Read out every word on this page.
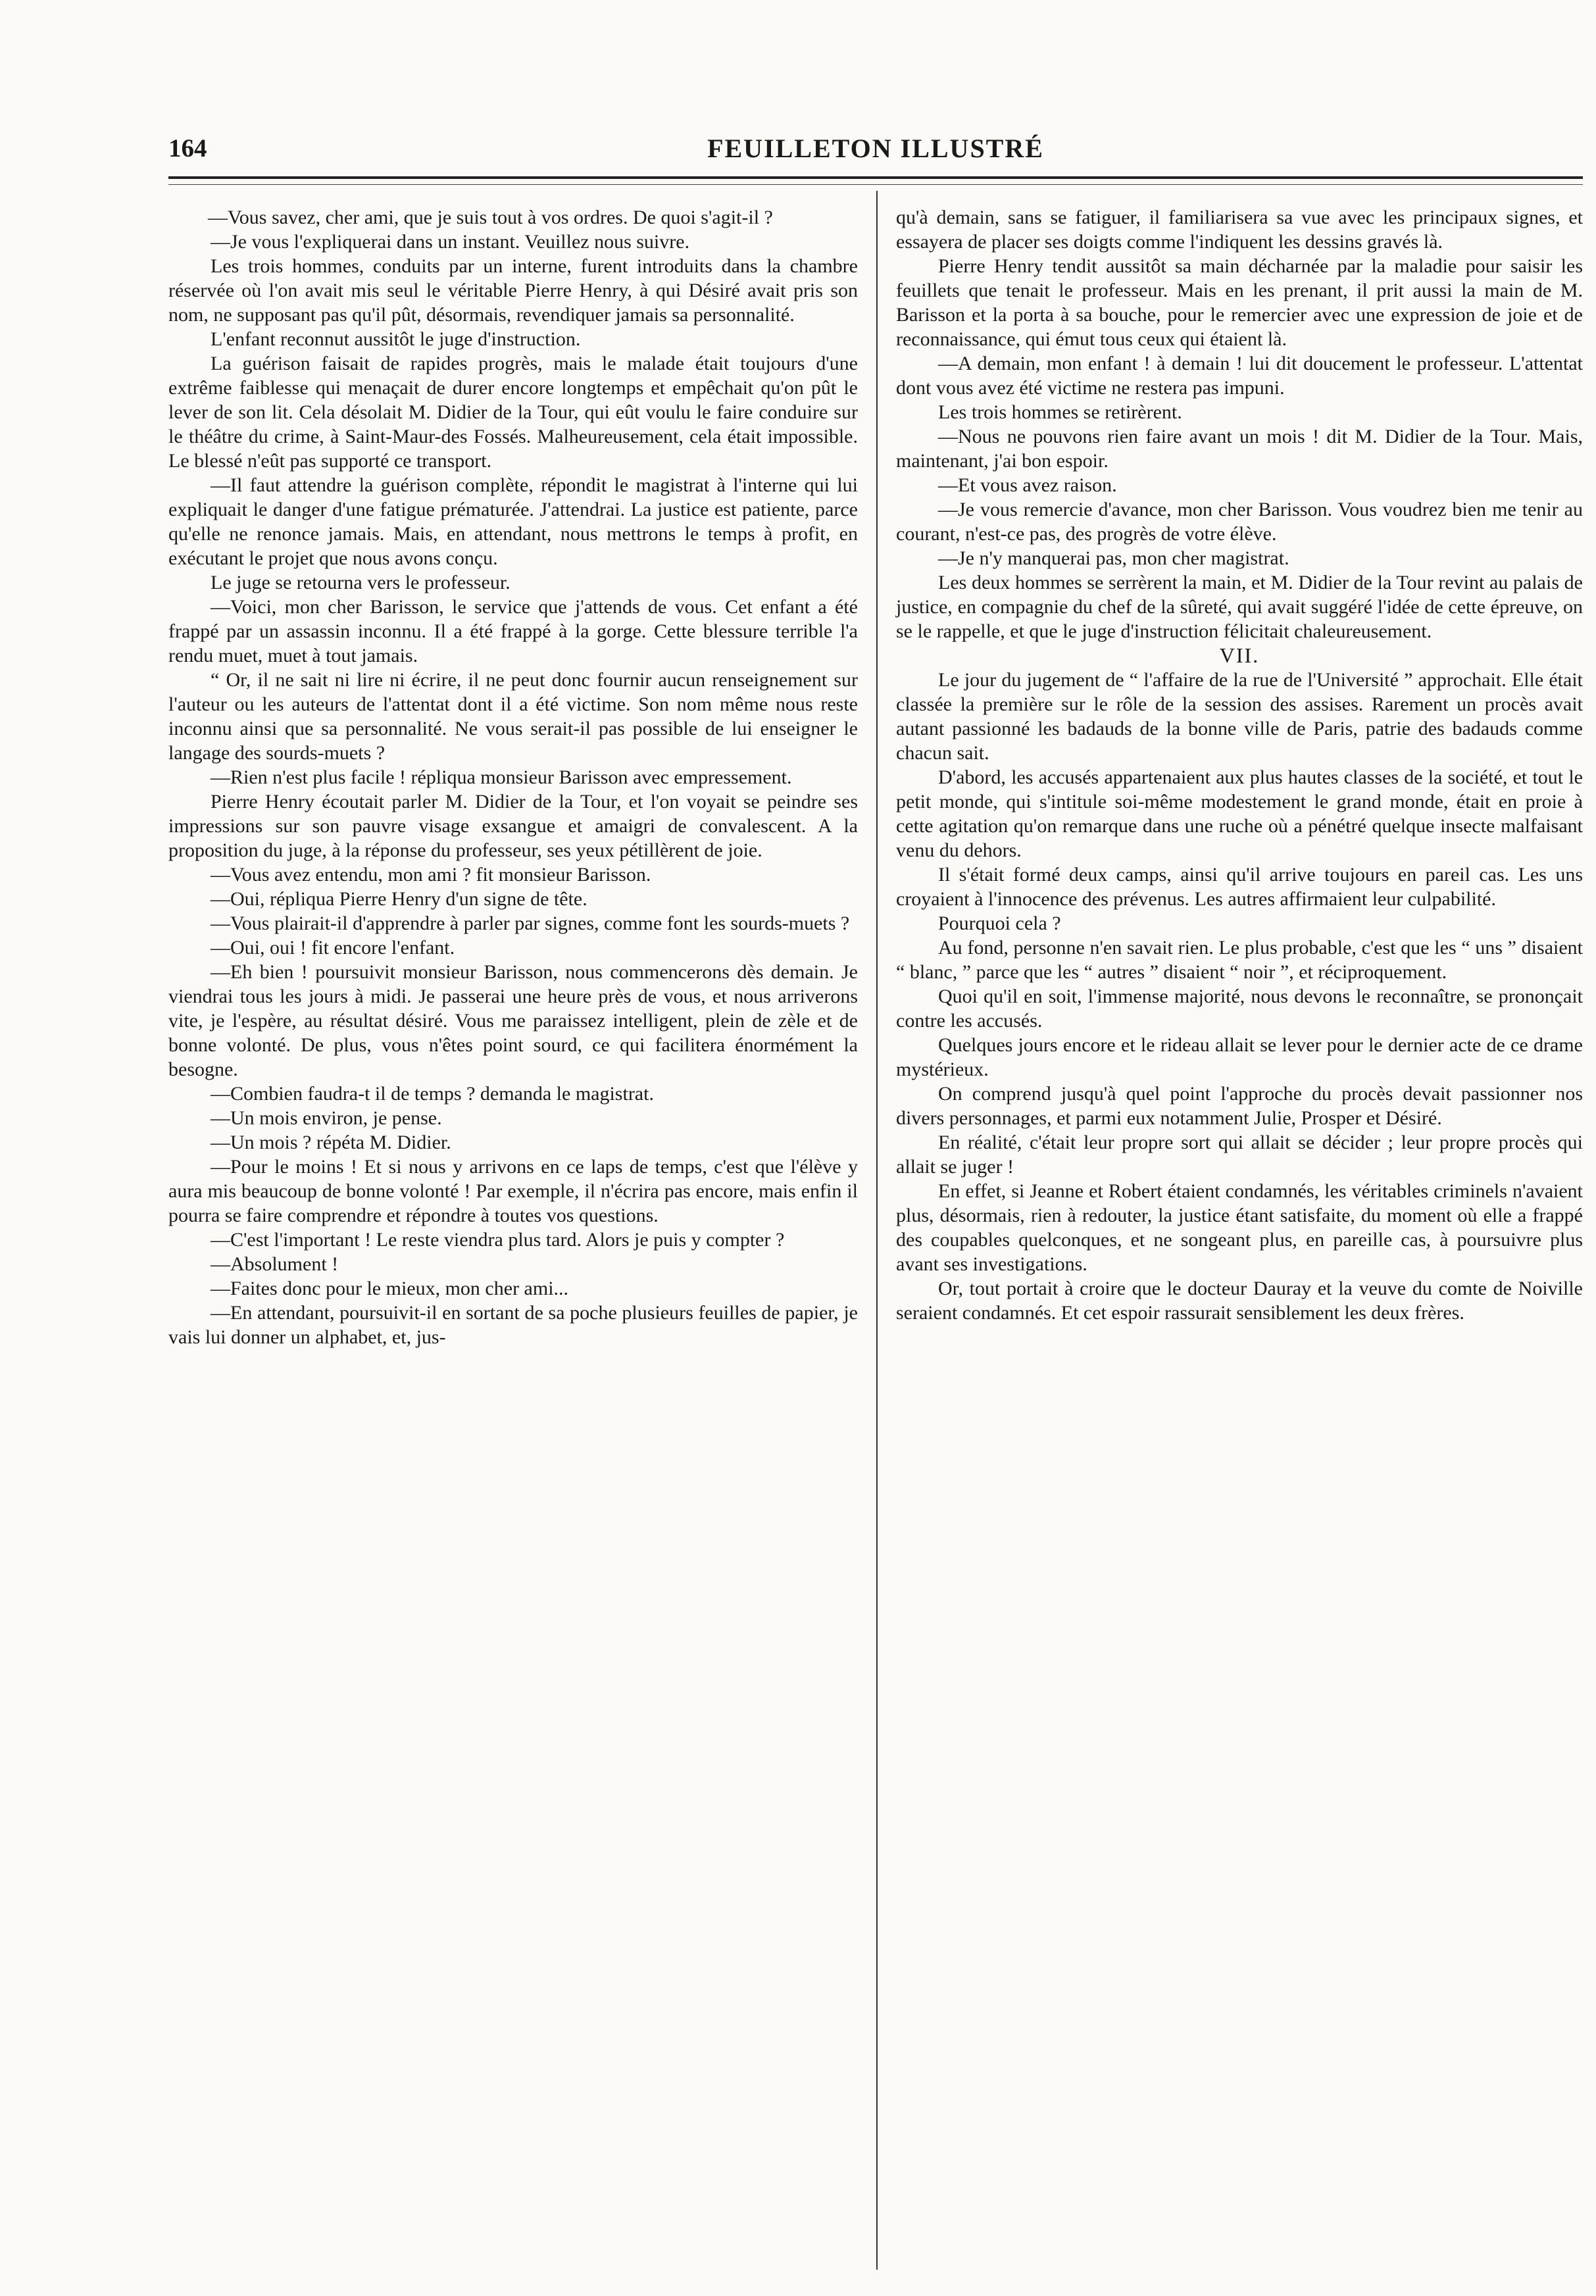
164	FEUILLETON ILLUSTRÉ

—Vous savez, cher ami, que je suis tout à vos ordres. De quoi s'agit-il ?

—Je vous l'expliquerai dans un instant. Veuillez nous suivre.

Les trois hommes, conduits par un interne, furent introduits dans la chambre réservée où l'on avait mis seul le véritable Pierre Henry, à qui Désiré avait pris son nom, ne supposant pas qu'il pût, désormais, revendiquer jamais sa personnalité.

L'enfant reconnut aussitôt le juge d'instruction.

La guérison faisait de rapides progrès, mais le malade était toujours d'une extrême faiblesse qui menaçait de durer encore longtemps et empêchait qu'on pût le lever de son lit. Cela désolait M. Didier de la Tour, qui eût voulu le faire conduire sur le théâtre du crime, à Saint-Maur-des Fossés. Malheureusement, cela était impossible. Le blessé n'eût pas supporté ce transport.

—Il faut attendre la guérison complète, répondit le magistrat à l'interne qui lui expliquait le danger d'une fatigue prématurée. J'attendrai. La justice est patiente, parce qu'elle ne renonce jamais. Mais, en attendant, nous mettrons le temps à profit, en exécutant le projet que nous avons conçu.

Le juge se retourna vers le professeur.

—Voici, mon cher Barisson, le service que j'attends de vous. Cet enfant a été frappé par un assassin inconnu. Il a été frappé à la gorge. Cette blessure terrible l'a rendu muet, muet à tout jamais.

“ Or, il ne sait ni lire ni écrire, il ne peut donc fournir aucun renseignement sur l'auteur ou les auteurs de l'attentat dont il a été victime. Son nom même nous reste inconnu ainsi que sa personnalité. Ne vous serait-il pas possible de lui enseigner le langage des sourds-muets ?

—Rien n'est plus facile ! répliqua monsieur Barisson avec empressement.

Pierre Henry écoutait parler M. Didier de la Tour, et l'on voyait se peindre ses impressions sur son pauvre visage exsangue et amaigri de convalescent. A la proposition du juge, à la réponse du professeur, ses yeux pétillèrent de joie.

—Vous avez entendu, mon ami ? fit monsieur Barisson.

—Oui, répliqua Pierre Henry d'un signe de tête.

—Vous plairait-il d'apprendre à parler par signes, comme font les sourds-muets ?

—Oui, oui ! fit encore l'enfant.

—Eh bien ! poursuivit monsieur Barisson, nous commencerons dès demain. Je viendrai tous les jours à midi. Je passerai une heure près de vous, et nous arriverons vite, je l'espère, au résultat désiré. Vous me paraissez intelligent, plein de zèle et de bonne volonté. De plus, vous n'êtes point sourd, ce qui facilitera énormément la besogne.

—Combien faudra-t il de temps ? demanda le magistrat.

—Un mois environ, je pense.

—Un mois ? répéta M. Didier.

—Pour le moins ! Et si nous y arrivons en ce laps de temps, c'est que l'élève y aura mis beaucoup de bonne volonté ! Par exemple, il n'écrira pas encore, mais enfin il pourra se faire comprendre et répondre à toutes vos questions.

—C'est l'important ! Le reste viendra plus tard. Alors je puis y compter ?

—Absolument !

—Faites donc pour le mieux, mon cher ami...

—En attendant, poursuivit-il en sortant de sa poche plusieurs feuilles de papier, je vais lui donner un alphabet, et, jus-

qu'à demain, sans se fatiguer, il familiarisera sa vue avec les principaux signes, et essayera de placer ses doigts comme l'indiquent les dessins gravés là.

Pierre Henry tendit aussitôt sa main décharnée par la maladie pour saisir les feuillets que tenait le professeur. Mais en les prenant, il prit aussi la main de M. Barisson et la porta à sa bouche, pour le remercier avec une expression de joie et de reconnaissance, qui émut tous ceux qui étaient là.

—A demain, mon enfant ! à demain ! lui dit doucement le professeur. L'attentat dont vous avez été victime ne restera pas impuni.

Les trois hommes se retirèrent.

—Nous ne pouvons rien faire avant un mois ! dit M. Didier de la Tour. Mais, maintenant, j'ai bon espoir.

—Et vous avez raison.

—Je vous remercie d'avance, mon cher Barisson. Vous voudrez bien me tenir au courant, n'est-ce pas, des progrès de votre élève.

—Je n'y manquerai pas, mon cher magistrat.

Les deux hommes se serrèrent la main, et M. Didier de la Tour revint au palais de justice, en compagnie du chef de la sûreté, qui avait suggéré l'idée de cette épreuve, on se le rappelle, et que le juge d'instruction félicitait chaleureusement.

VII.

Le jour du jugement de “ l'affaire de la rue de l'Université ” approchait. Elle était classée la première sur le rôle de la session des assises. Rarement un procès avait autant passionné les badauds de la bonne ville de Paris, patrie des badauds comme chacun sait.

D'abord, les accusés appartenaient aux plus hautes classes de la société, et tout le petit monde, qui s'intitule soi-même modestement le grand monde, était en proie à cette agitation qu'on remarque dans une ruche où a pénétré quelque insecte malfaisant venu du dehors.

Il s'était formé deux camps, ainsi qu'il arrive toujours en pareil cas. Les uns croyaient à l'innocence des prévenus. Les autres affirmaient leur culpabilité.

Pourquoi cela ?

Au fond, personne n'en savait rien. Le plus probable, c'est que les “ uns ” disaient “ blanc, ” parce que les “ autres ” disaient “ noir ”, et réciproquement.

Quoi qu'il en soit, l'immense majorité, nous devons le reconnaître, se prononçait contre les accusés.

Quelques jours encore et le rideau allait se lever pour le dernier acte de ce drame mystérieux.

On comprend jusqu'à quel point l'approche du procès devait passionner nos divers personnages, et parmi eux notamment Julie, Prosper et Désiré.

En réalité, c'était leur propre sort qui allait se décider ; leur propre procès qui allait se juger !

En effet, si Jeanne et Robert étaient condamnés, les véritables criminels n'avaient plus, désormais, rien à redouter, la justice étant satisfaite, du moment où elle a frappé des coupables quelconques, et ne songeant plus, en pareille cas, à poursuivre plus avant ses investigations.

Or, tout portait à croire que le docteur Dauray et la veuve du comte de Noiville seraient condamnés. Et cet espoir rassurait sensiblement les deux frères.
